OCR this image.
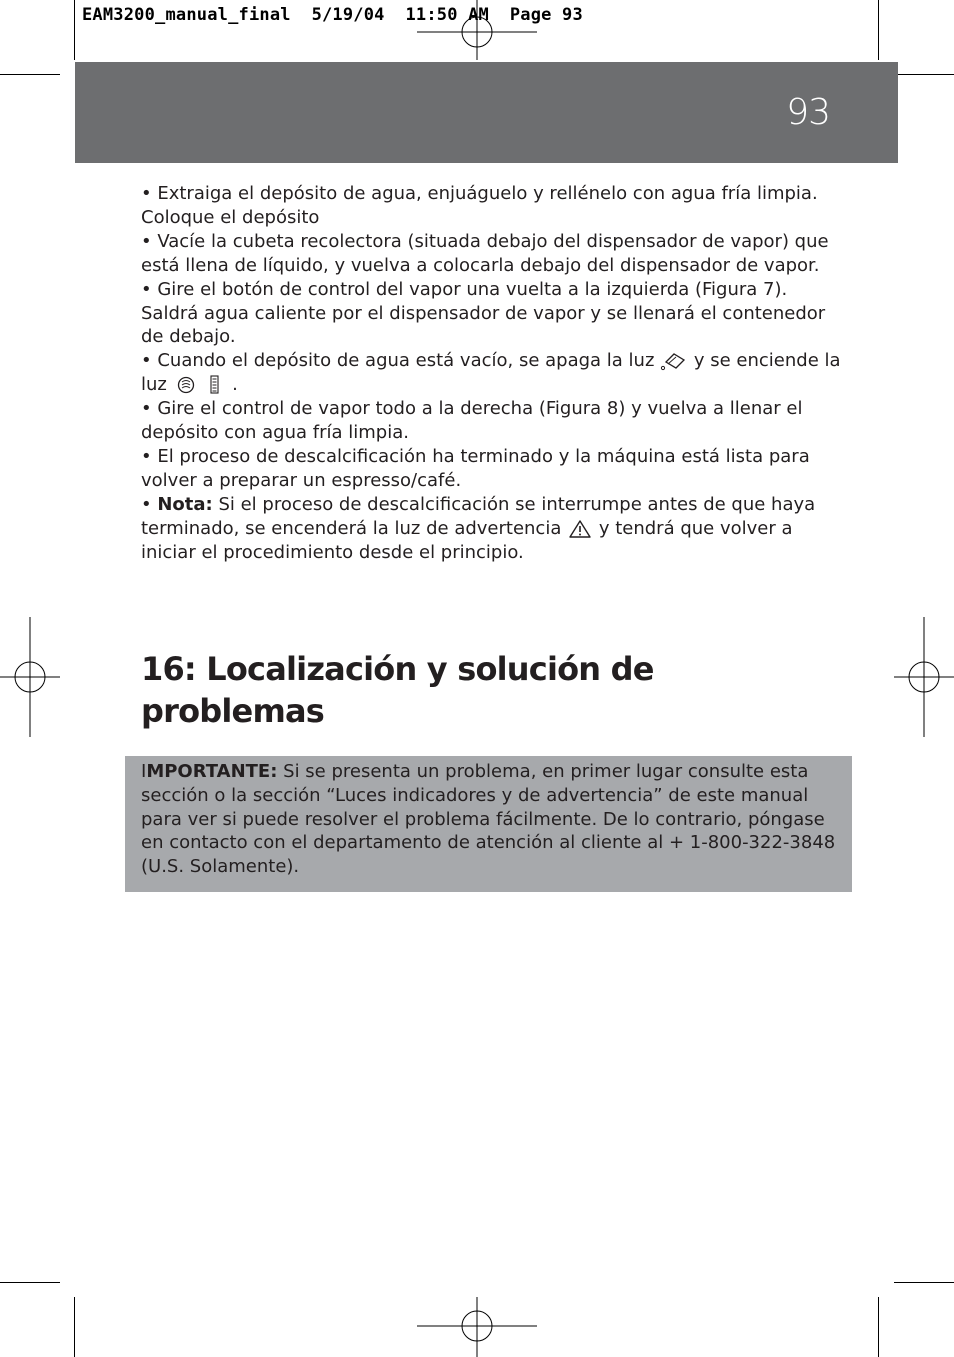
EAM3200_manual_final  5/19/04  11:50 AM  Page 93
93

• Extraiga el depósito de agua, enjuáguelo y rellénelo con agua fría limpia. Coloque el depósito

• Vacíe la cubeta recolectora (situada debajo del dispensador de vapor) que está llena de líquido, y vuelva a colocarla debajo del dispensador de vapor.

• Gire el botón de control del vapor una vuelta a la izquierda (Figura 7). Saldrá agua caliente por el dispensador de vapor y se llenará el contenedor de debajo.

• Cuando el depósito de agua está vacío, se apaga la luz y se enciende la luz	.

• Gire el control de vapor todo a la derecha (Figura 8) y vuelva a llenar el depósito con agua fría limpia.

• El proceso de descalcificación ha terminado y la máquina está lista para volver a preparar un espresso/café.

• Nota: Si el proceso de descalcificación se interrumpe antes de que haya terminado, se encenderá la luz de advertencia y tendrá que volver a iniciar el procedimiento desde el principio.

16: Localización y solución de problemas

IMPORTANTE: Si se presenta un problema, en primer lugar consulte esta sección o la sección “Luces indicadores y de advertencia” de este manual para ver si puede resolver el problema fácilmente. De lo contrario, póngase en contacto con el departamento de atención al cliente al + 1-800-322-3848 (U.S. Solamente).
